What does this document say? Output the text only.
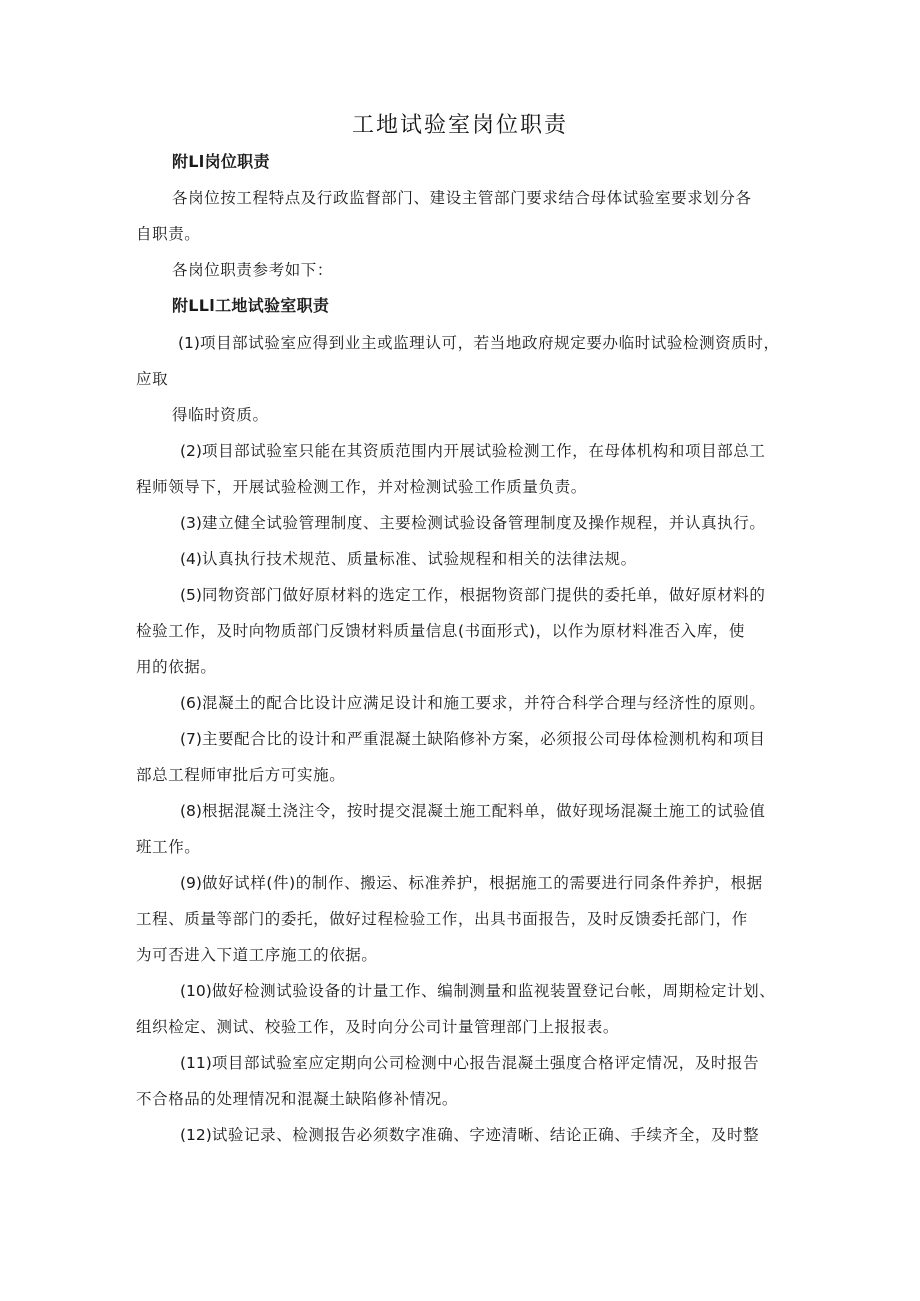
工地试验室岗位职责
附Ll岗位职责
各岗位按工程特点及行政监督部门、建设主管部门要求结合母体试验室要求划分各
自职责。
各岗位职责参考如下：
附LLl工地试验室职责
(1)项目部试验室应得到业主或监理认可，若当地政府规定要办临时试验检测资质时，
应取
得临时资质。
(2)项目部试验室只能在其资质范围内开展试验检测工作，在母体机构和项目部总工
程师领导下，开展试验检测工作，并对检测试验工作质量负责。
(3)建立健全试验管理制度、主要检测试验设备管理制度及操作规程，并认真执行。
(4)认真执行技术规范、质量标准、试验规程和相关的法律法规。
(5)同物资部门做好原材料的选定工作，根据物资部门提供的委托单，做好原材料的
检验工作，及时向物质部门反馈材料质量信息(书面形式)，以作为原材料准否入库，使
用的依据。
(6)混凝土的配合比设计应满足设计和施工要求，并符合科学合理与经济性的原则。
(7)主要配合比的设计和严重混凝土缺陷修补方案，必须报公司母体检测机构和项目
部总工程师审批后方可实施。
(8)根据混凝土浇注令，按时提交混凝土施工配料单，做好现场混凝土施工的试验值
班工作。
(9)做好试样(件)的制作、搬运、标准养护，根据施工的需要进行同条件养护，根据
工程、质量等部门的委托，做好过程检验工作，出具书面报告，及时反馈委托部门，作
为可否进入下道工序施工的依据。
(10)做好检测试验设备的计量工作、编制测量和监视装置登记台帐，周期检定计划、
组织检定、测试、校验工作，及时向分公司计量管理部门上报报表。
(11)项目部试验室应定期向公司检测中心报告混凝土强度合格评定情况，及时报告
不合格品的处理情况和混凝土缺陷修补情况。
(12)试验记录、检测报告必须数字准确、字迹清晰、结论正确、手续齐全，及时整
